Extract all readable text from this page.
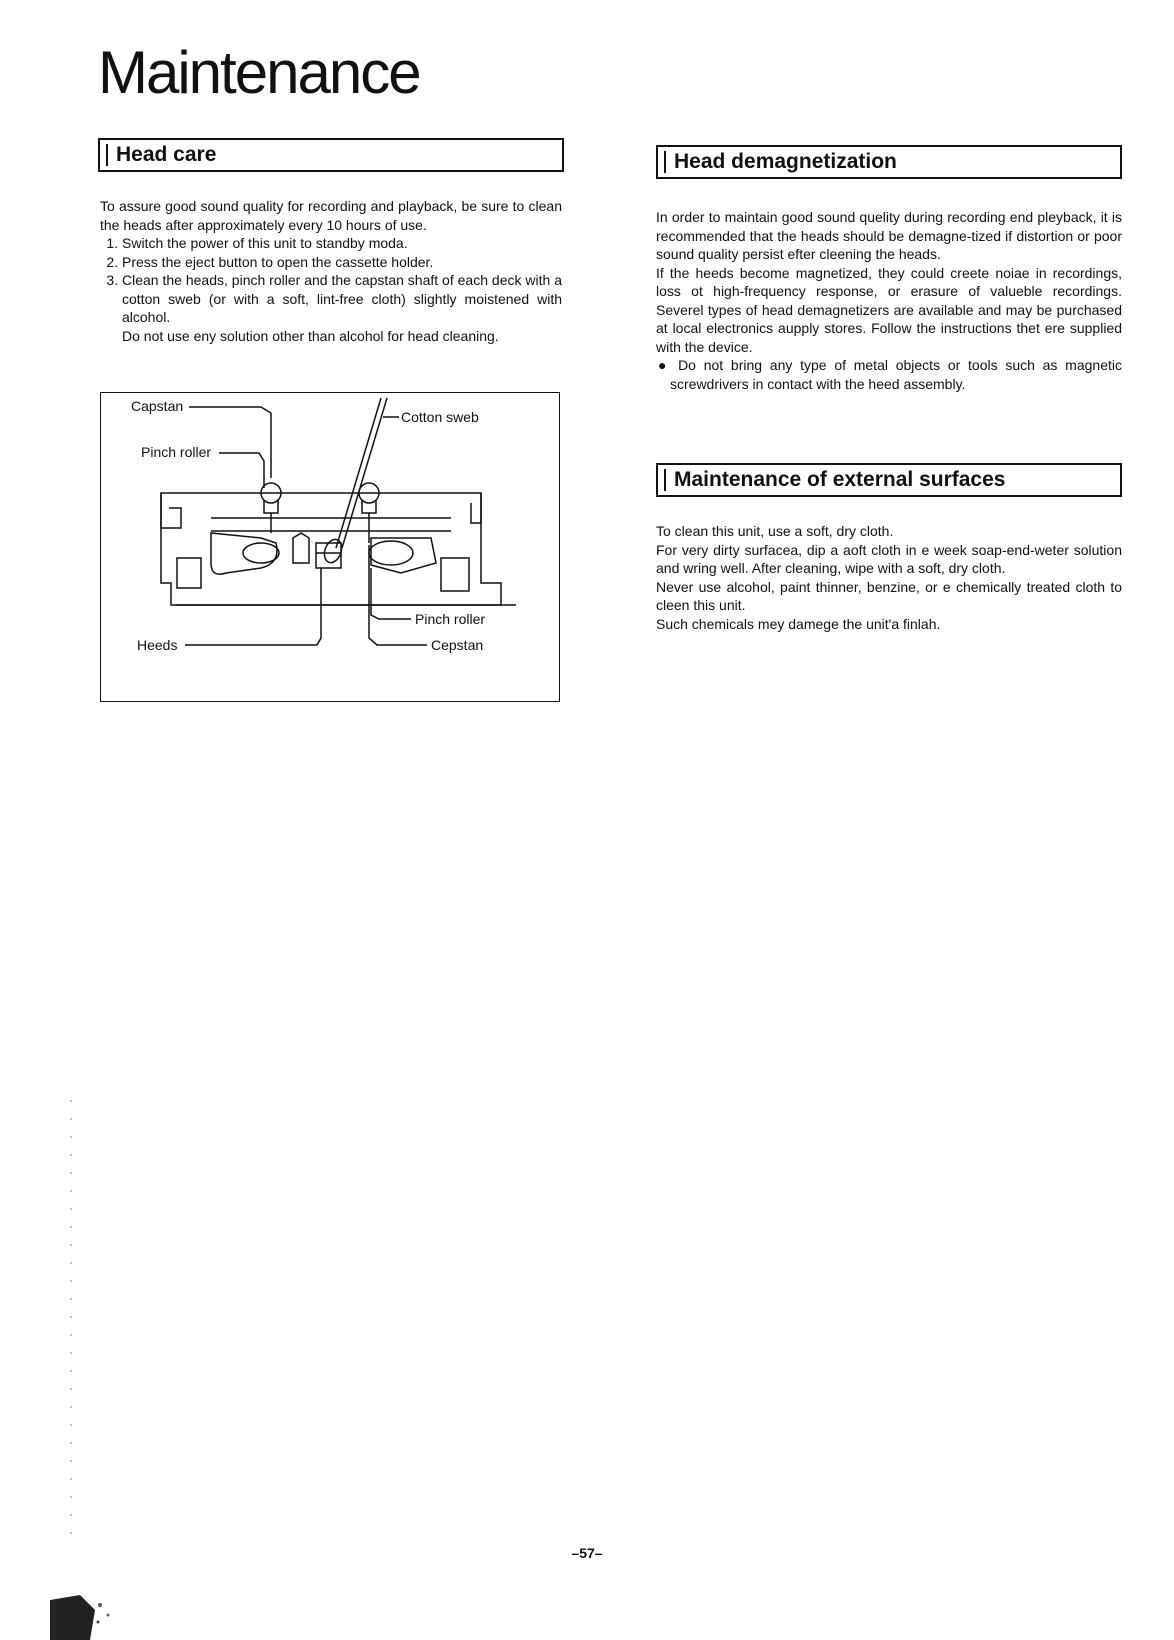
Maintenance
Head care

To assure good sound quality for recording and playback, be sure to clean the heads after approximately every 10 hours of use.

1. Switch the power of this unit to standby moda.
2. Press the eject button to open the cassette holder.
3. Clean the heads, pinch roller and the capstan shaft of each deck with a cotton sweb (or with a soft, lint-free cloth) slightly moistened with alcohol.

Do not use eny solution other than alcohol for head cleaning.

Capstan
Pinch roller
Cotton sweb
Pinch roller
Heeds	Cepstan
Head demagnetization

In order to maintain good sound quelity during recording end pleyback, it is recommended that the heads should be demagne-tized if distortion or poor sound quality persist efter cleening the heads.

If the heeds become magnetized, they could creete noiae in recordings, loss ot high-frequency response, or erasure of valueble recordings. Severel types of head demagnetizers are available and may be purchased at local electronics aupply stores. Follow the instructions thet ere supplied with the device.

● Do not bring any type of metal objects or tools such as magnetic screwdrivers in contact with the heed assembly.

Maintenance of external surfaces

To clean this unit, use a soft, dry cloth.

For very dirty surfacea, dip a aoft cloth in e week soap-end-weter solution and wring well. After cleaning, wipe with a soft, dry cloth.

Never use alcohol, paint thinner, benzine, or e chemically treated cloth to cleen this unit.

Such chemicals mey damege the unit'a finlah.

–57–
